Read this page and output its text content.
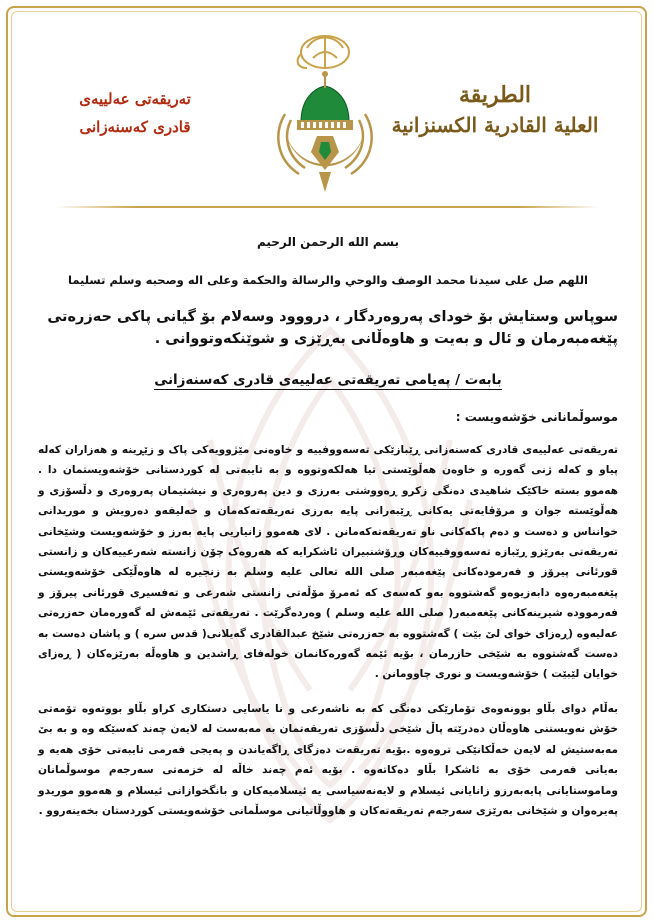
تەریقەتی عەلییەی
قادری کەسنەزانی
الطريقة
العلية القادرية الكسنزانية
بسم الله الرحمن الرحيم
اللهم صل على سيدنا محمد الوصف والوحي والرسالة والحكمة وعلى اله وصحبه وسلم تسليما
سوپاس وستایش بۆ خودای پەروەردگار ، درووود وسەلام بۆ گیانی پاکی حەزرەتی پێغەمبەرمان و ئال و بەیت و هاوەڵانی بەڕێزی و شوێنکەوتووانی .
بابەت / پەیامی تەریقەتی عەلییەی قادری کەسنەزانی
موسوڵمانانی خۆشەویست :
تەریقەتی عەلییەی قادری کەسنەزانی ڕێبازێکی تەسەووفییە و خاوەنی مێژوویەکی پاک و زێڕینە و هەزاران کەلە پیاو و کەلە ژنی گەورە و خاوەن هەڵوێستی تیا هەلکەوتووە و بە تایبەتی لە کوردستانی خۆشەویستمان دا . هەموو بستە خاکێک شاهیدی دەنگی زکرو ڕەووشتی بەرزی و دین پەروەری و نیشتیمان پەروەری و دڵسۆزی و هەڵوێستە جوان و مرۆڤایەتی یەکانی ڕێبەرانی پایە بەرزی تەریقەتەکەمان و خەلیفەو دەرویش و موریدانی خوانناس و دەست و دەم پاکەکانی ناو تەریقەتەکەمانن . لای هەموو زانیاریی پایە بەرز و خۆشەویست وشێخانی تەریقەتی بەرێزو ڕێبازە تەسەووفییەکان وڕۆشنبیران ئاشکرایە کە هەروەک چۆن زانستە شەرعییەکان و زانستی قورئانی پیرۆز و فەرمودەکانی پێغەمبەر صلی الله تعالی علیه وسلم بە زنجیرە لە هاوەڵێکی خۆشەویستی پێغەمبەرەوە دابەزیوەو گەشتووە بەو کەسەی کە ئەمرۆ مۆڵەتی زانستی شەرعی و تەفسیری قورئانی پیرۆز و فەرموودە شیرینەکانی پێغەمبەر( صلی الله علیه وسلم ) وەردەگرێت . تەریقەتی ئێمەش لە گەورەمان حەزرەتی عەلیەوە (ڕەزای خوای لێ بێت ) گەشتووە بە حەزرەتی شێخ عبدالقادری گەیلانی( قدس سره ) و پاشان دەست بە دەست گەشتووە بە شێخی حازرمان ، بۆیە ئێمە گەورەکانمان خولەفای ڕاشدین و هاوەڵە بەرێزەکان ( ڕەزای خوایان لێبێت ) خۆشەویست و نوری چاوومانن .
بەڵام دوای بڵاو بوونەوەی تۆمارێکی دەنگی کە بە ناشەرعی و نا یاسایی دستکاری کراو بڵاو بووتەوە تۆمەتی خۆش نەویستنی هاوەڵان دەدرێتە پاڵ شێخی دڵسۆزی تەریقەتمان بە مەبەست لە لایەن چەند کەسێکە وە و بە بێ مەبەستیش لە لایەن خەڵکانێکی تروەوە .بۆیە تەریقەت دەزگای ڕاگەیاندن و پەیجی فەرمی تایبەتی خۆی هەیە و بەیانی فەرمی خۆی بە ئاشکرا بڵاو دەکاتەوە . بۆیە ئەم چەند خاڵە لە خزمەتی سەرجەم موسوڵمانان وماموستایانی پایەبەرزو زانایانی ئیسلام و لایەنەسیاسی یە ئیسلامیەکان و بانگخوازانی ئیسلام و هەموو موریدو پەیرەوان و شێخانی بەرێزی سەرجەم تەریقەتەکان و هاووڵاتیانی موسڵمانی خۆشەویستی کوردستان بخەینەروو .
